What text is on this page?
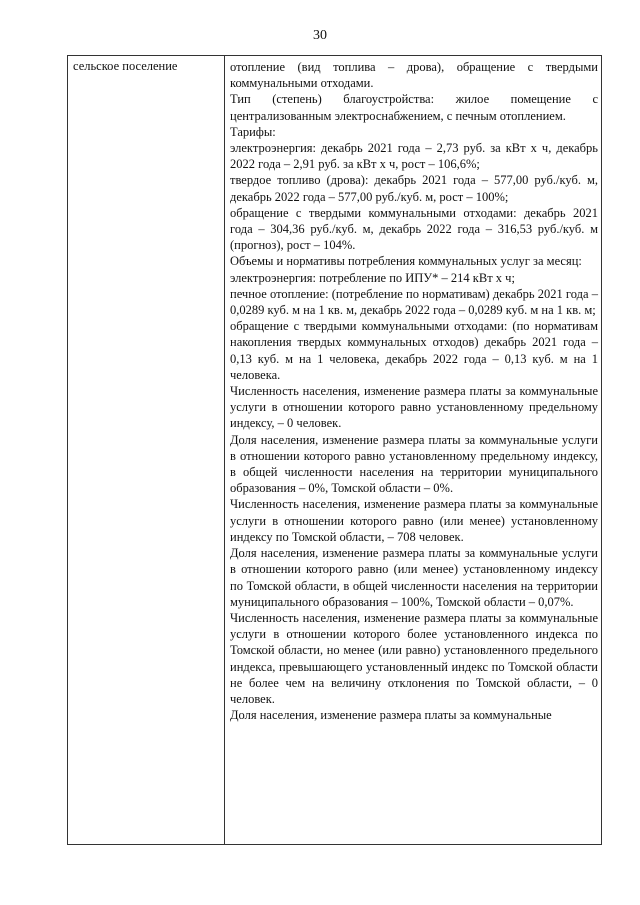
30
сельское поселение	отопление (вид топлива – дрова), обращение с твердыми коммунальными отходами.

Тип (степень) благоустройства: жилое помещение с централизованным электроснабжением, с печным отоплением.

Тарифы:

электроэнергия: декабрь 2021 года – 2,73 руб. за кВт х ч, декабрь 2022 года – 2,91 руб. за кВт х ч, рост – 106,6%;

твердое топливо (дрова): декабрь 2021 года – 577,00 руб./куб. м, декабрь 2022 года – 577,00 руб./куб. м, рост – 100%;

обращение с твердыми коммунальными отходами: декабрь 2021 года – 304,36 руб./куб. м, декабрь 2022 года – 316,53 руб./куб. м (прогноз), рост – 104%.

Объемы и нормативы потребления коммунальных услуг за месяц:

электроэнергия: потребление по ИПУ* – 214 кВт х ч;

печное отопление: (потребление по нормативам) декабрь 2021 года – 0,0289 куб. м на 1 кв. м, декабрь 2022 года – 0,0289 куб. м на 1 кв. м;

обращение с твердыми коммунальными отходами: (по нормативам накопления твердых коммунальных отходов) декабрь 2021 года – 0,13 куб. м на 1 человека, декабрь 2022 года – 0,13 куб. м на 1 человека.

Численность населения, изменение размера платы за коммунальные услуги в отношении которого равно установленному предельному индексу, – 0 человек.

Доля населения, изменение размера платы за коммунальные услуги в отношении которого равно установленному предельному индексу, в общей численности населения на территории муниципального образования – 0%, Томской области – 0%.

Численность населения, изменение размера платы за коммунальные услуги в отношении которого равно (или менее) установленному индексу по Томской области, – 708 человек.

Доля населения, изменение размера платы за коммунальные услуги в отношении которого равно (или менее) установленному индексу по Томской области, в общей численности населения на территории муниципального образования – 100%, Томской области – 0,07%.

Численность населения, изменение размера платы за коммунальные услуги в отношении которого более установленного индекса по Томской области, но менее (или равно) установленного предельного индекса, превышающего установленный индекс по Томской области не более чем на величину отклонения по Томской области, – 0 человек.

Доля населения, изменение размера платы за коммунальные
